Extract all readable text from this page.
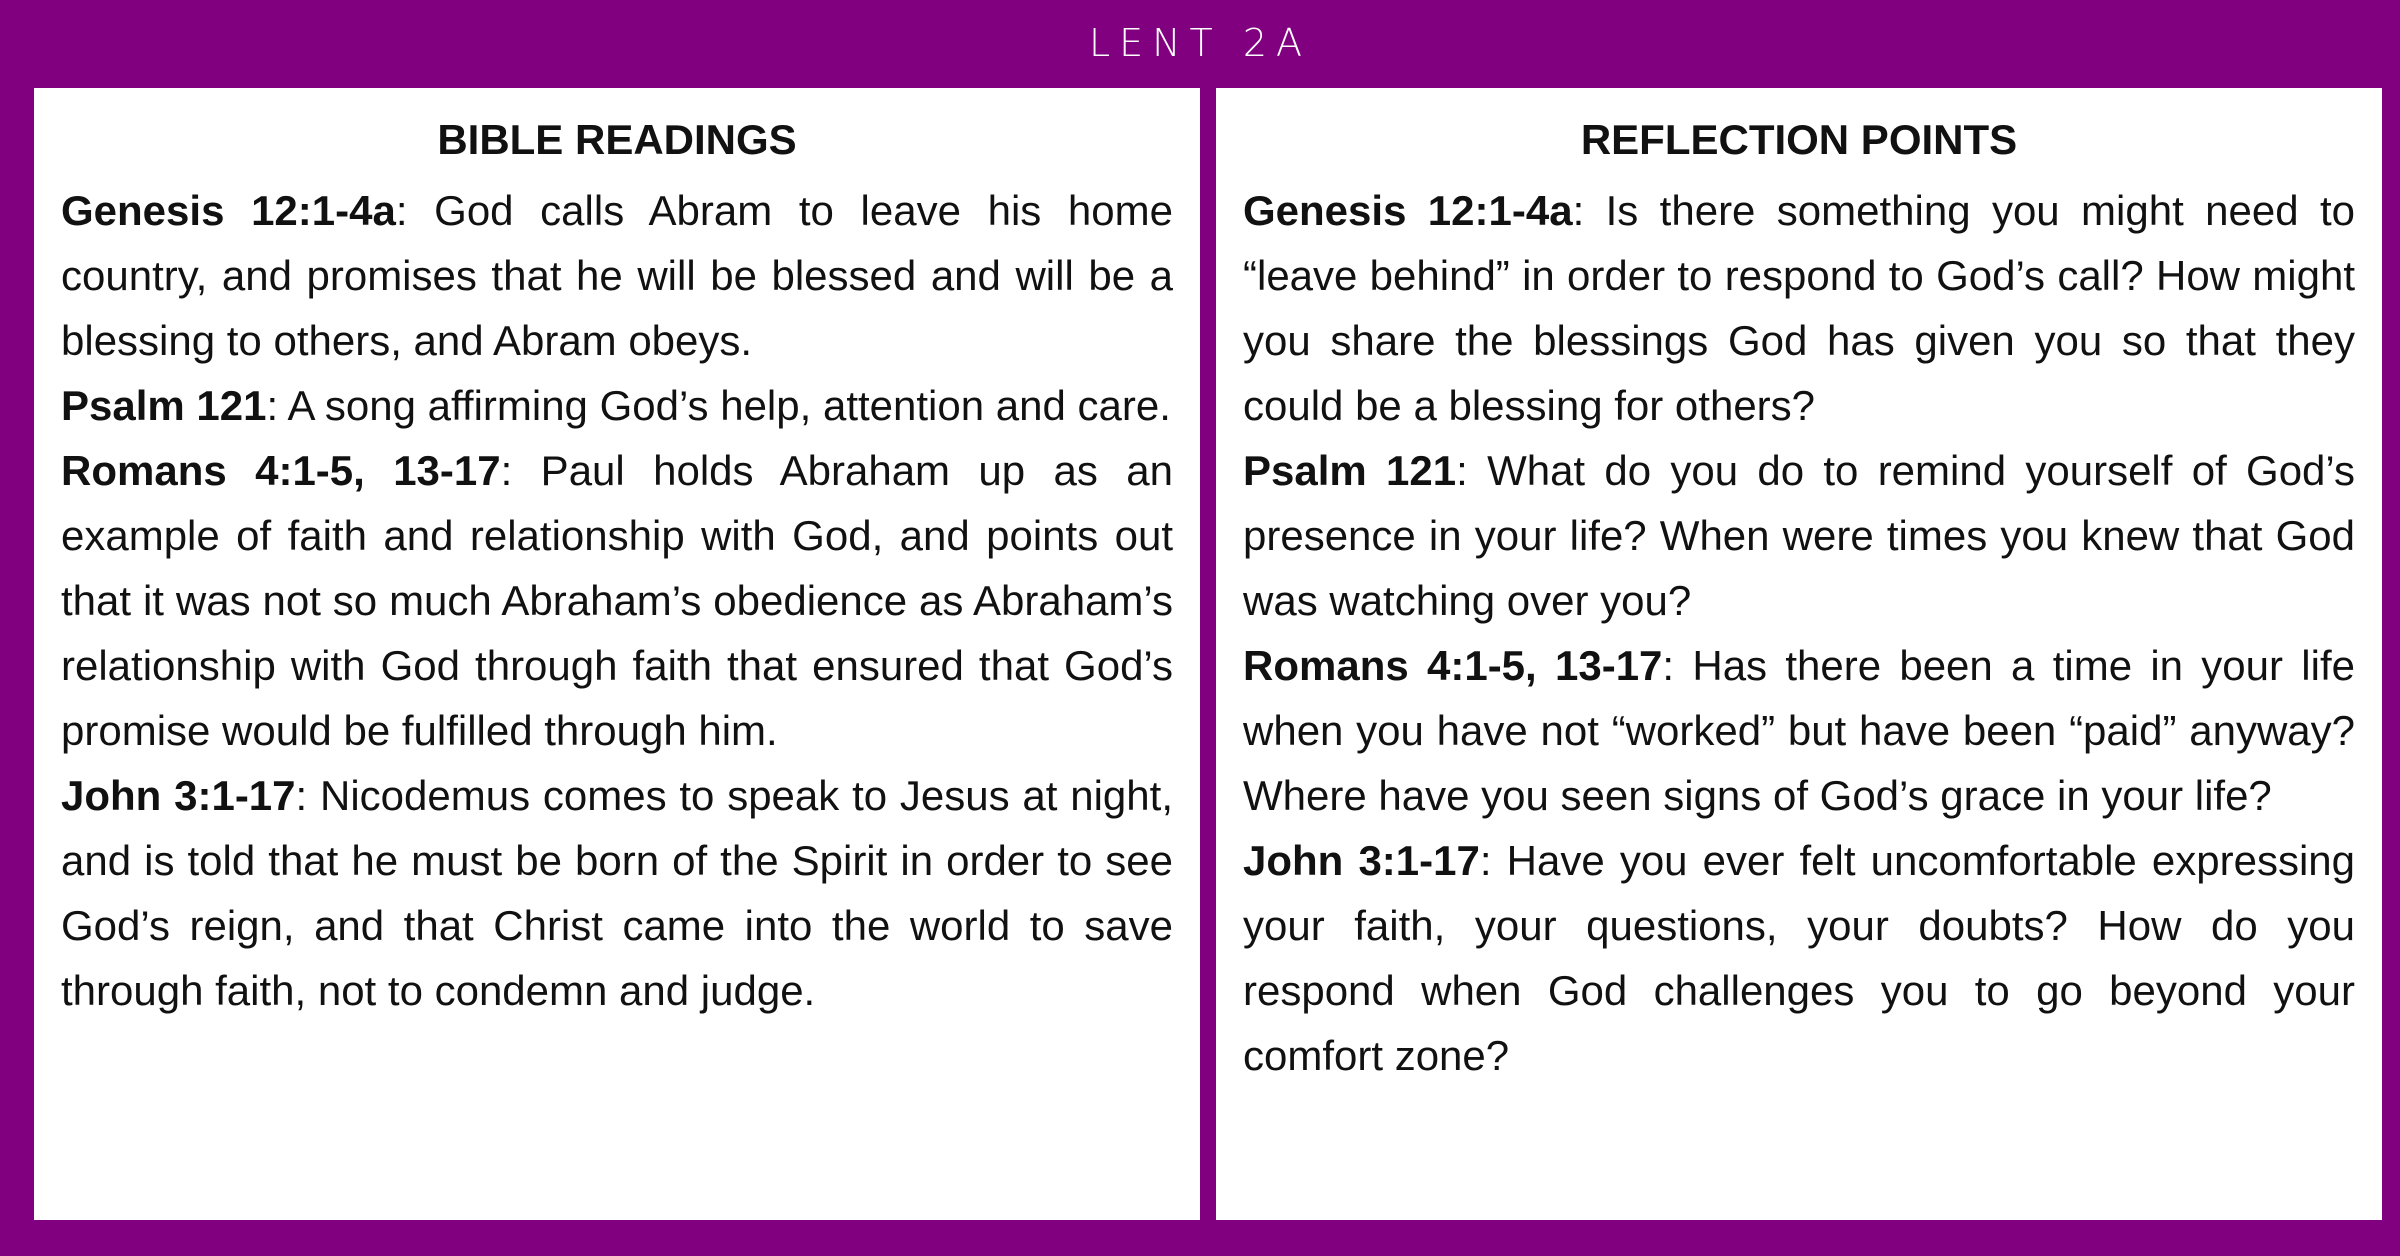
LENT 2A
BIBLE READINGS

Genesis 12:1-4a: God calls Abram to leave his home country, and promises that he will be blessed and will be a blessing to others, and Abram obeys.

Psalm 121: A song affirming God’s help, attention and care.

Romans 4:1-5, 13-17: Paul holds Abraham up as an example of faith and relationship with God, and points out that it was not so much Abraham’s obedience as Abraham’s relationship with God through faith that ensured that God’s promise would be fulfilled through him.

John 3:1-17: Nicodemus comes to speak to Jesus at night, and is told that he must be born of the Spirit in order to see God’s reign, and that Christ came into the world to save through faith, not to condemn and judge.

REFLECTION POINTS

Genesis 12:1-4a: Is there something you might need to “leave behind” in order to respond to God’s call? How might you share the blessings God has given you so that they could be a blessing for others?

Psalm 121: What do you do to remind yourself of God’s presence in your life? When were times you knew that God was watching over you?

Romans 4:1-5, 13-17: Has there been a time in your life when you have not “worked” but have been “paid” anyway? Where have you seen signs of God’s grace in your life?

John 3:1-17: Have you ever felt uncomfortable expressing your faith, your questions, your doubts? How do you respond when God challenges you to go beyond your comfort zone?
